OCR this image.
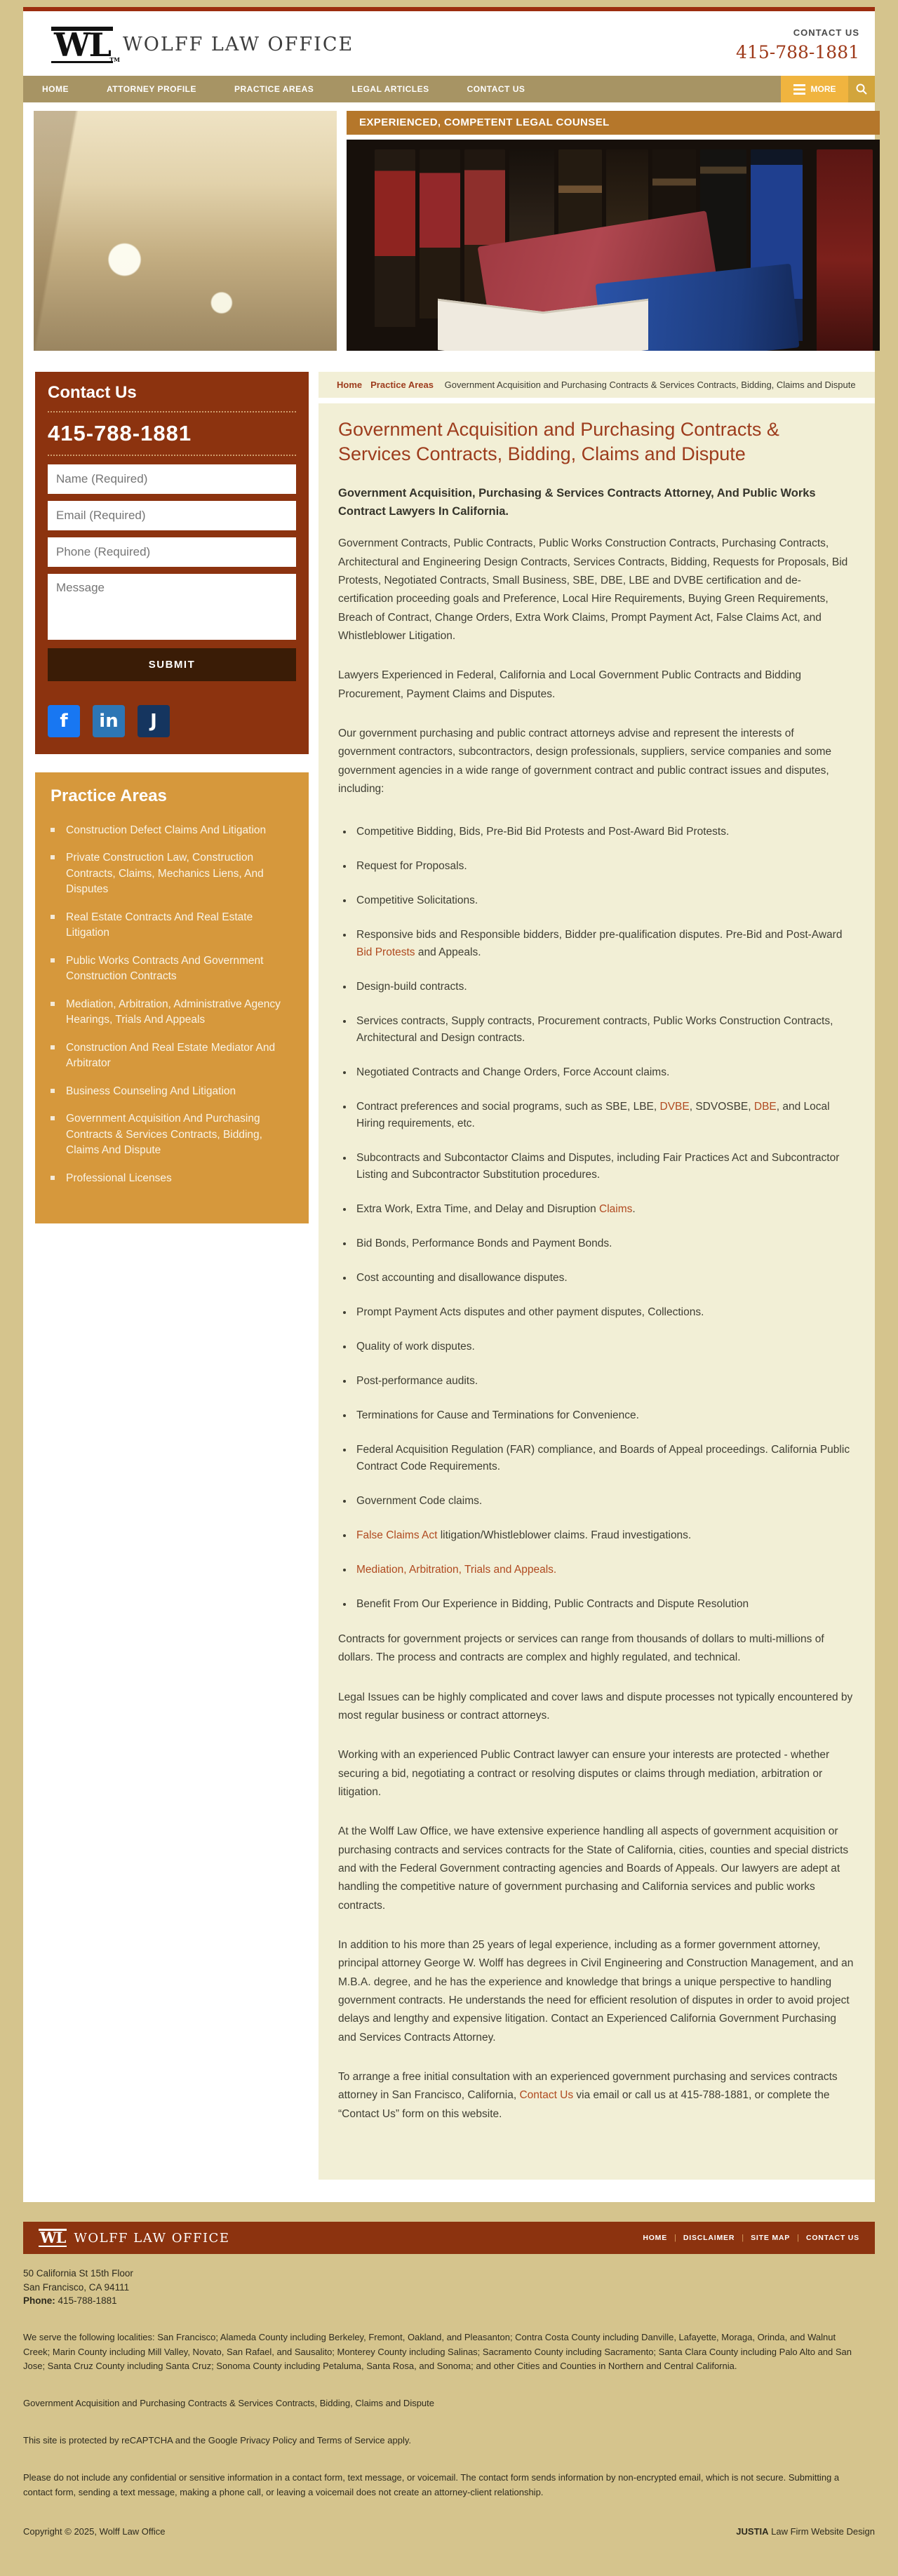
WL TM
WOLFF LAW OFFICE
CONTACT US
415-788-1881
HOME	ATTORNEY PROFILE	PRACTICE AREAS	LEGAL ARTICLES	CONTACT US	MORE
EXPERIENCED, COMPETENT LEGAL COUNSEL
Contact Us
415-788-1881
Name (Required)
Email (Required)
Phone (Required)
Message
SUBMIT
f	in	J
Practice Areas
Construction Defect Claims And Litigation
Private Construction Law, Construction Contracts, Claims, Mechanics Liens, And Disputes
Real Estate Contracts And Real Estate Litigation
Public Works Contracts And Government Construction Contracts
Mediation, Arbitration, Administrative Agency Hearings, Trials And Appeals
Construction And Real Estate Mediator And Arbitrator
Business Counseling And Litigation
Government Acquisition And Purchasing Contracts & Services Contracts, Bidding, Claims And Dispute
Professional Licenses
Home Practice Areas Government Acquisition and Purchasing Contracts & Services Contracts, Bidding, Claims and Dispute
Government Acquisition and Purchasing Contracts & Services Contracts, Bidding, Claims and Dispute
Government Acquisition, Purchasing & Services Contracts Attorney, And Public Works Contract Lawyers In California.

Government Contracts, Public Contracts, Public Works Construction Contracts, Purchasing Contracts, Architectural and Engineering Design Contracts, Services Contracts, Bidding, Requests for Proposals, Bid Protests, Negotiated Contracts, Small Business, SBE, DBE, LBE and DVBE certification and de-certification proceeding goals and Preference, Local Hire Requirements, Buying Green Requirements, Breach of Contract, Change Orders, Extra Work Claims, Prompt Payment Act, False Claims Act, and Whistleblower Litigation.

Lawyers Experienced in Federal, California and Local Government Public Contracts and Bidding Procurement, Payment Claims and Disputes.

Our government purchasing and public contract attorneys advise and represent the interests of government contractors, subcontractors, design professionals, suppliers, service companies and some government agencies in a wide range of government contract and public contract issues and disputes, including:

• Competitive Bidding, Bids, Pre-Bid Bid Protests and Post-Award Bid Protests.
• Request for Proposals.
• Competitive Solicitations.
• Responsive bids and Responsible bidders, Bidder pre-qualification disputes. Pre-Bid and Post-Award Bid Protests and Appeals.
• Design-build contracts.
• Services contracts, Supply contracts, Procurement contracts, Public Works Construction Contracts, Architectural and Design contracts.
• Negotiated Contracts and Change Orders, Force Account claims.
• Contract preferences and social programs, such as SBE, LBE, DVBE, SDVOSBE, DBE, and Local Hiring requirements, etc.
• Subcontracts and Subcontactor Claims and Disputes, including Fair Practices Act and Subcontractor Listing and Subcontractor Substitution procedures.
• Extra Work, Extra Time, and Delay and Disruption Claims.
• Bid Bonds, Performance Bonds and Payment Bonds.
• Cost accounting and disallowance disputes.
• Prompt Payment Acts disputes and other payment disputes, Collections.
• Quality of work disputes.
• Post-performance audits.
• Terminations for Cause and Terminations for Convenience.
• Federal Acquisition Regulation (FAR) compliance, and Boards of Appeal proceedings. California Public Contract Code Requirements.
• Government Code claims.
• False Claims Act litigation/Whistleblower claims. Fraud investigations.
• Mediation, Arbitration, Trials and Appeals.
• Benefit From Our Experience in Bidding, Public Contracts and Dispute Resolution

Contracts for government projects or services can range from thousands of dollars to multi-millions of dollars. The process and contracts are complex and highly regulated, and technical.

Legal Issues can be highly complicated and cover laws and dispute processes not typically encountered by most regular business or contract attorneys.

Working with an experienced Public Contract lawyer can ensure your interests are protected - whether securing a bid, negotiating a contract or resolving disputes or claims through mediation, arbitration or litigation.

At the Wolff Law Office, we have extensive experience handling all aspects of government acquisition or purchasing contracts and services contracts for the State of California, cities, counties and special districts and with the Federal Government contracting agencies and Boards of Appeals. Our lawyers are adept at handling the competitive nature of government purchasing and California services and public works contracts.

In addition to his more than 25 years of legal experience, including as a former government attorney, principal attorney George W. Wolff has degrees in Civil Engineering and Construction Management, and an M.B.A. degree, and he has the experience and knowledge that brings a unique perspective to handling government contracts. He understands the need for efficient resolution of disputes in order to avoid project delays and lengthy and expensive litigation. Contact an Experienced California Government Purchasing and Services Contracts Attorney.

To arrange a free initial consultation with an experienced government purchasing and services contracts attorney in San Francisco, California, Contact Us via email or call us at 415-788-1881, or complete the “Contact Us” form on this website.

WL WOLFF LAW OFFICE	HOME | DISCLAIMER | SITE MAP | CONTACT US
50 California St 15th Floor
San Francisco, CA 94111
Phone: 415-788-1881

We serve the following localities: San Francisco; Alameda County including Berkeley, Fremont, Oakland, and Pleasanton; Contra Costa County including Danville, Lafayette, Moraga, Orinda, and Walnut Creek; Marin County including Mill Valley, Novato, San Rafael, and Sausalito; Monterey County including Salinas; Sacramento County including Sacramento; Santa Clara County including Palo Alto and San Jose; Santa Cruz County including Santa Cruz; Sonoma County including Petaluma, Santa Rosa, and Sonoma; and other Cities and Counties in Northern and Central California.

Government Acquisition and Purchasing Contracts & Services Contracts, Bidding, Claims and Dispute

This site is protected by reCAPTCHA and the Google Privacy Policy and Terms of Service apply.

Please do not include any confidential or sensitive information in a contact form, text message, or voicemail. The contact form sends information by non-encrypted email, which is not secure. Submitting a contact form, sending a text message, making a phone call, or leaving a voicemail does not create an attorney-client relationship.

Copyright © 2025, Wolff Law Office	JUSTIA Law Firm Website Design
